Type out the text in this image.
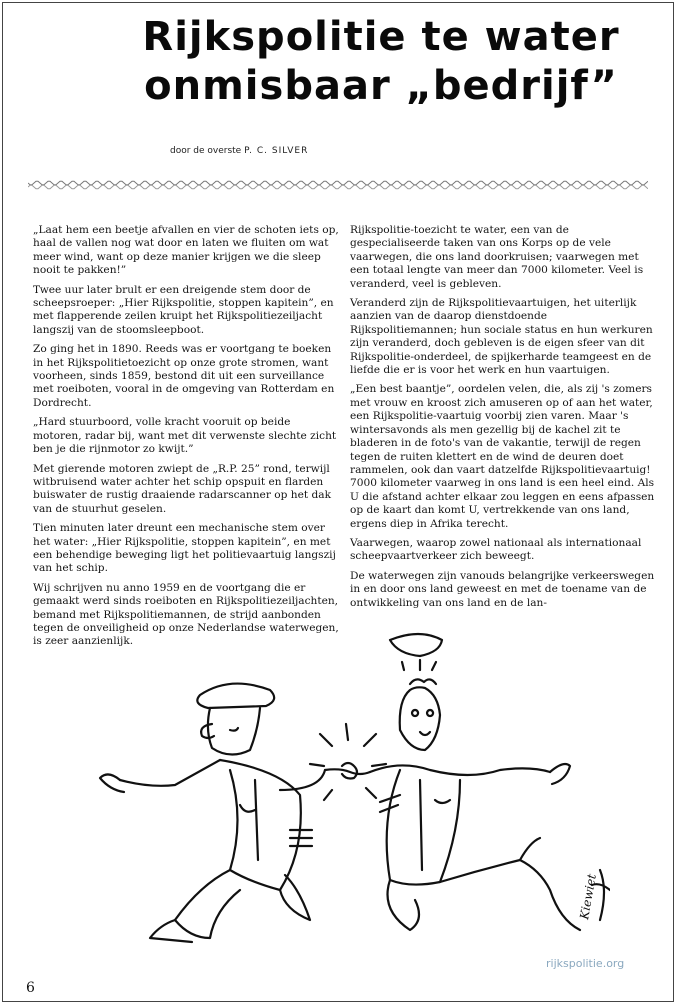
Rijkspolitie te water
onmisbaar „bedrijf”
door de overste P. C. SILVER

„Laat hem een beetje afvallen en vier de schoten iets op, haal de vallen nog wat door en laten we fluiten om wat meer wind, want op deze manier krijgen we die sleep nooit te pakken!”

Twee uur later brult er een dreigende stem door de scheepsroeper: „Hier Rijkspolitie, stoppen kapitein”, en met flapperende zeilen kruipt het Rijkspolitiezeiljacht langszij van de stoomsleepboot.

Zo ging het in 1890. Reeds was er voortgang te boeken in het Rijkspolitietoezicht op onze grote stromen, want voorheen, sinds 1859, bestond dit uit een surveillance met roeiboten, vooral in de omgeving van Rotterdam en Dordrecht.

„Hard stuurboord, volle kracht vooruit op beide motoren, radar bij, want met dit verwenste slechte zicht ben je die rijnmotor zo kwijt.”

Met gierende motoren zwiept de „R.P. 25” rond, terwijl witbruisend water achter het schip opspuit en flarden buiswater de rustig draaiende radarscanner op het dak van de stuurhut geselen.

Tien minuten later dreunt een mechanische stem over het water: „Hier Rijkspolitie, stoppen kapitein”, en met een behendige beweging ligt het politievaartuig langszij van het schip.

Wij schrijven nu anno 1959 en de voortgang die er gemaakt werd sinds roeiboten en Rijkspolitiezeiljachten, bemand met Rijkspolitiemannen, de strijd aanbonden tegen de onveiligheid op onze Nederlandse waterwegen, is zeer aanzienlijk.

Rijkspolitie-toezicht te water, een van de gespecialiseerde taken van ons Korps op de vele vaarwegen, die ons land doorkruisen; vaarwegen met een totaal lengte van meer dan 7000 kilometer. Veel is veranderd, veel is gebleven.

Veranderd zijn de Rijkspolitievaartuigen, het uiterlijk aanzien van de daarop dienstdoende Rijkspolitiemannen; hun sociale status en hun werkuren zijn veranderd, doch gebleven is de eigen sfeer van dit Rijkspolitie-onderdeel, de spijkerharde teamgeest en de liefde die er is voor het werk en hun vaartuigen.

„Een best baantje”, oordelen velen, die, als zij 's zomers met vrouw en kroost zich amuseren op of aan het water, een Rijkspolitie-vaartuig voorbij zien varen. Maar 's wintersavonds als men gezellig bij de kachel zit te bladeren in de foto's van de vakantie, terwijl de regen tegen de ruiten klettert en de wind de deuren doet rammelen, ook dan vaart datzelfde Rijkspolitievaartuig! 7000 kilometer vaarweg in ons land is een heel eind. Als U die afstand achter elkaar zou leggen en eens afpassen op de kaart dan komt U, vertrekkende van ons land, ergens diep in Afrika terecht.

Vaarwegen, waarop zowel nationaal als internationaal scheepvaartverkeer zich beweegt.

De waterwegen zijn vanouds belangrijke verkeerswegen in en door ons land geweest en met de toename van de ontwikkeling van ons land en de lan-

Kiewiet
6
rijkspolitie.org
